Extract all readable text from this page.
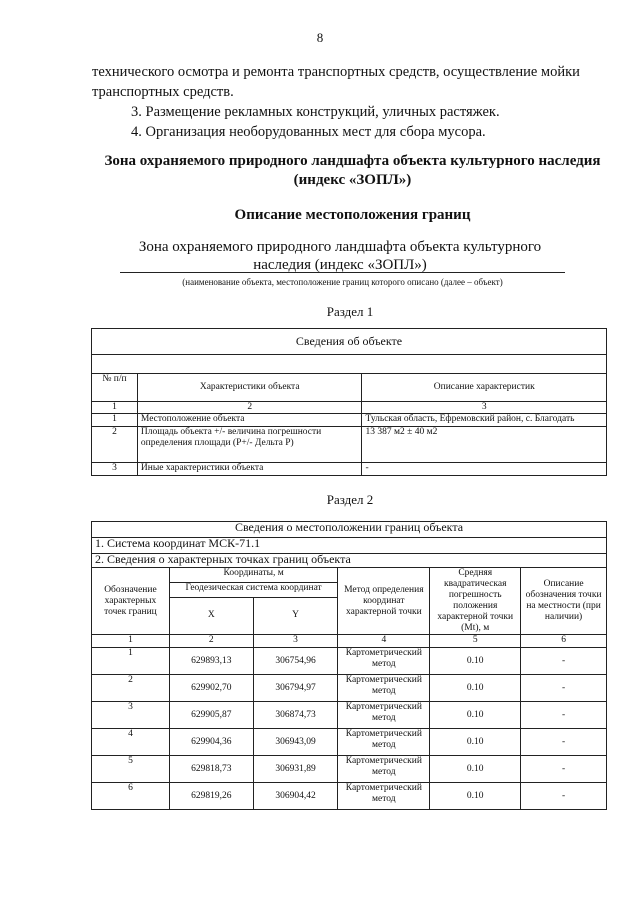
8
технического осмотра и ремонта транспортных средств, осуществление мойки транспортных средств.
3. Размещение рекламных конструкций, уличных растяжек.
4. Организация необорудованных мест для сбора мусора.
Зона охраняемого природного ландшафта объекта культурного наследия
(индекс «ЗОПЛ»)
Описание местоположения границ
Зона охраняемого природного ландшафта объекта культурного наследия (индекс «ЗОПЛ»)
(наименование объекта, местоположение границ которого описано (далее – объект)
Раздел 1
Сведения об объекте		

№ п/п	Характеристики объекта	Описание характеристик
1	2	3
1	Местоположение объекта	Тульская область, Ефремовский район, с. Благодать
2	Площадь объекта +/- величина погрешности определения площади (Р+/- Дельта Р)	13 387 м2 ± 40 м2
3	Иные характеристики объекта	-
Раздел 2
Сведения о местоположении границ объекта					
1. Система координат МСК-71.1					
2. Сведения о характерных точках границ объекта					
Обозначение характерных точек границ	Координаты, м		Метод определения координат характерной точки	Средняя квадратическая погрешность положения характерной точки (Mt), м	Описание обозначения точки на местности (при наличии)
	Геодезическая система координат				
	X	Y			
1	2	3	4	5	6
1	629893,13	306754,96	Картометрический метод	0.10	-
2	629902,70	306794,97	Картометрический метод	0.10	-
3	629905,87	306874,73	Картометрический метод	0.10	-
4	629904,36	306943,09	Картометрический метод	0.10	-
5	629818,73	306931,89	Картометрический метод	0.10	-
6	629819,26	306904,42	Картометрический метод	0.10	-
